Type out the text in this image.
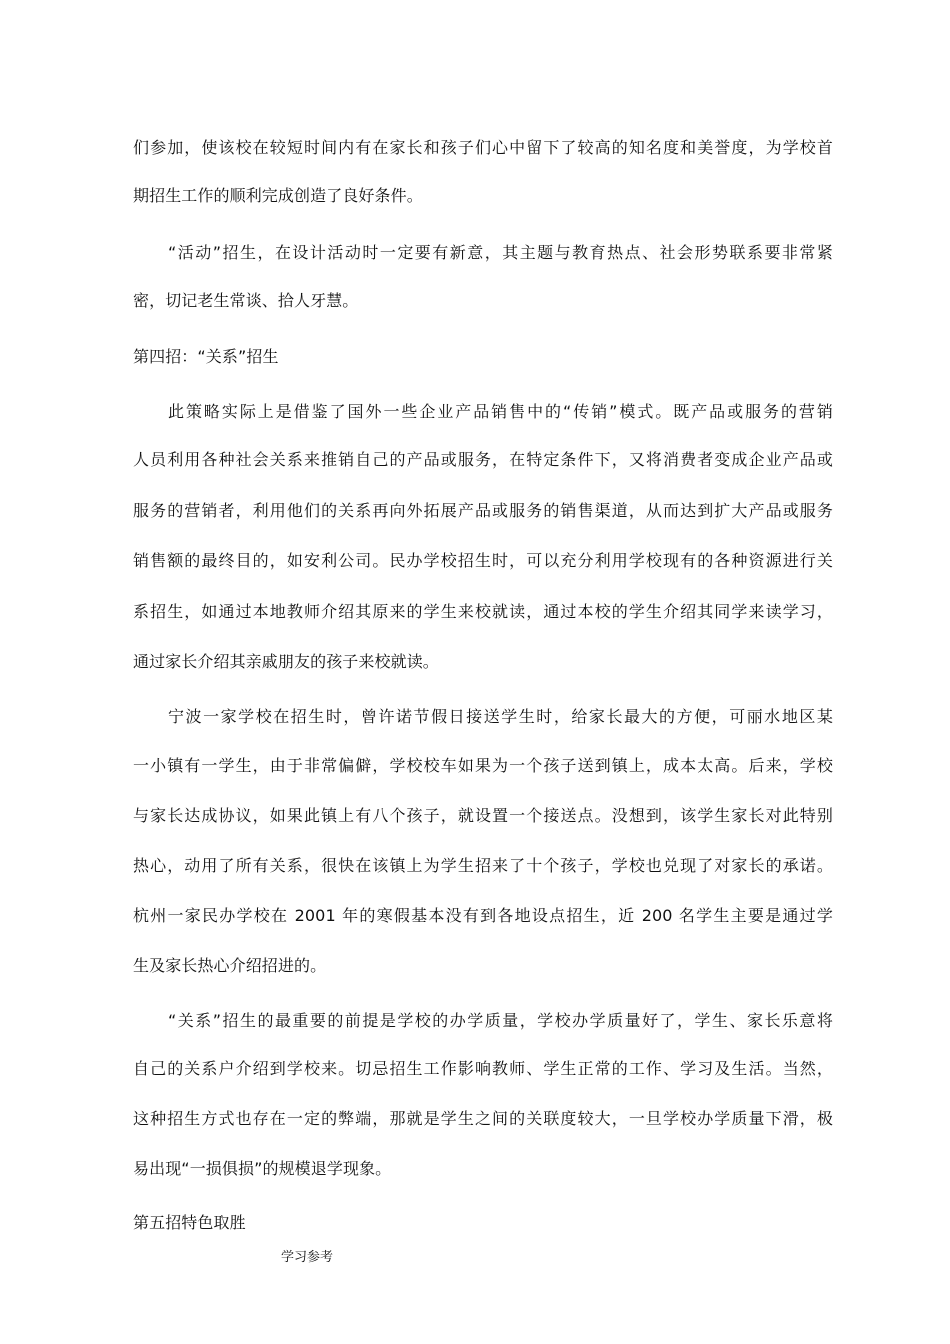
们参加，使该校在较短时间内有在家长和孩子们心中留下了较高的知名度和美誉度，为学校首
期招生工作的顺利完成创造了良好条件。
“活动”招生，在设计活动时一定要有新意，其主题与教育热点、社会形势联系要非常紧
密，切记老生常谈、拾人牙慧。
第四招：“关系”招生
此策略实际上是借鉴了国外一些企业产品销售中的“传销”模式。既产品或服务的营销
人员利用各种社会关系来推销自己的产品或服务，在特定条件下，又将消费者变成企业产品或
服务的营销者，利用他们的关系再向外拓展产品或服务的销售渠道，从而达到扩大产品或服务
销售额的最终目的，如安利公司。民办学校招生时，可以充分利用学校现有的各种资源进行关
系招生，如通过本地教师介绍其原来的学生来校就读，通过本校的学生介绍其同学来读学习，
通过家长介绍其亲戚朋友的孩子来校就读。
宁波一家学校在招生时，曾许诺节假日接送学生时，给家长最大的方便，可丽水地区某
一小镇有一学生，由于非常偏僻，学校校车如果为一个孩子送到镇上，成本太高。后来，学校
与家长达成协议，如果此镇上有八个孩子，就设置一个接送点。没想到，该学生家长对此特别
热心，动用了所有关系，很快在该镇上为学生招来了十个孩子，学校也兑现了对家长的承诺。
杭州一家民办学校在 2001 年的寒假基本没有到各地设点招生，近 200 名学生主要是通过学
生及家长热心介绍招进的。
“关系”招生的最重要的前提是学校的办学质量，学校办学质量好了，学生、家长乐意将
自己的关系户介绍到学校来。切忌招生工作影响教师、学生正常的工作、学习及生活。当然，
这种招生方式也存在一定的弊端，那就是学生之间的关联度较大，一旦学校办学质量下滑，极
易出现“一损俱损”的规模退学现象。
第五招特色取胜
学习参考
